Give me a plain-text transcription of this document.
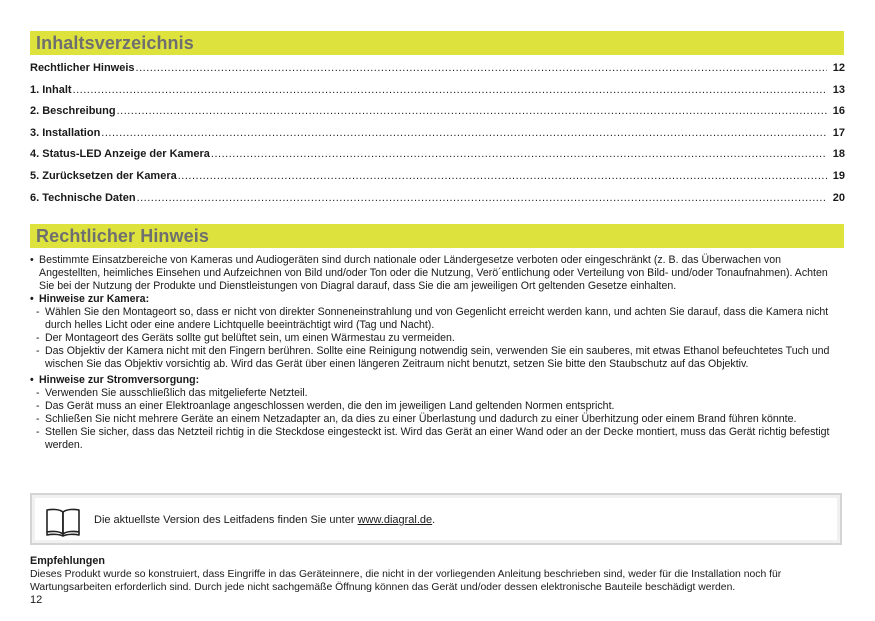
Inhaltsverzeichnis
Rechtlicher Hinweis .....	12
1. Inhalt .....	13
2. Beschreibung .....	16
3. Installation .....	17
4. Status-LED Anzeige der Kamera .....	18
5. Zurücksetzen der Kamera .....	19
6. Technische Daten .....	20
Rechtlicher Hinweis
• Bestimmte Einsatzbereiche von Kameras und Audiogeräten sind durch nationale oder Ländergesetze verboten oder eingeschränkt (z. B. das Überwachen von Angestellten, heimliches Einsehen und Aufzeichnen von Bild und/oder Ton oder die Nutzung, Verö´entlichung oder Verteilung von Bild- und/oder Tonaufnahmen). Achten Sie bei der Nutzung der Produkte und Dienstleistungen von Diagral darauf, dass Sie die am jeweiligen Ort geltenden Gesetze einhalten.
• Hinweise zur Kamera:
- Wählen Sie den Montageort so, dass er nicht von direkter Sonneneinstrahlung und von Gegenlicht erreicht werden kann, und achten Sie darauf, dass die Kamera nicht durch helles Licht oder eine andere Lichtquelle beeinträchtigt wird (Tag und Nacht).
- Der Montageort des Geräts sollte gut belüftet sein, um einen Wärmestau zu vermeiden.
- Das Objektiv der Kamera nicht mit den Fingern berühren. Sollte eine Reinigung notwendig sein, verwenden Sie ein sauberes, mit etwas Ethanol befeuchtetes Tuch und wischen Sie das Objektiv vorsichtig ab. Wird das Gerät über einen längeren Zeitraum nicht benutzt, setzen Sie bitte den Staubschutz auf das Objektiv.
• Hinweise zur Stromversorgung:
- Verwenden Sie ausschließlich das mitgelieferte Netzteil.
- Das Gerät muss an einer Elektroanlage angeschlossen werden, die den im jeweiligen Land geltenden Normen entspricht.
- Schließen Sie nicht mehrere Geräte an einem Netzadapter an, da dies zu einer Überlastung und dadurch zu einer Überhitzung oder einem Brand führen könnte.
- Stellen Sie sicher, dass das Netzteil richtig in die Steckdose eingesteckt ist. Wird das Gerät an einer Wand oder an der Decke montiert, muss das Gerät richtig befestigt werden.
Die aktuellste Version des Leitfadens finden Sie unter www.diagral.de.
Empfehlungen
Dieses Produkt wurde so konstruiert, dass Eingriffe in das Geräteinnere, die nicht in der vorliegenden Anleitung beschrieben sind, weder für die Installation noch für Wartungsarbeiten erforderlich sind. Durch jede nicht sachgemäße Öffnung können das Gerät und/oder dessen elektronische Bauteile beschädigt werden.
12
